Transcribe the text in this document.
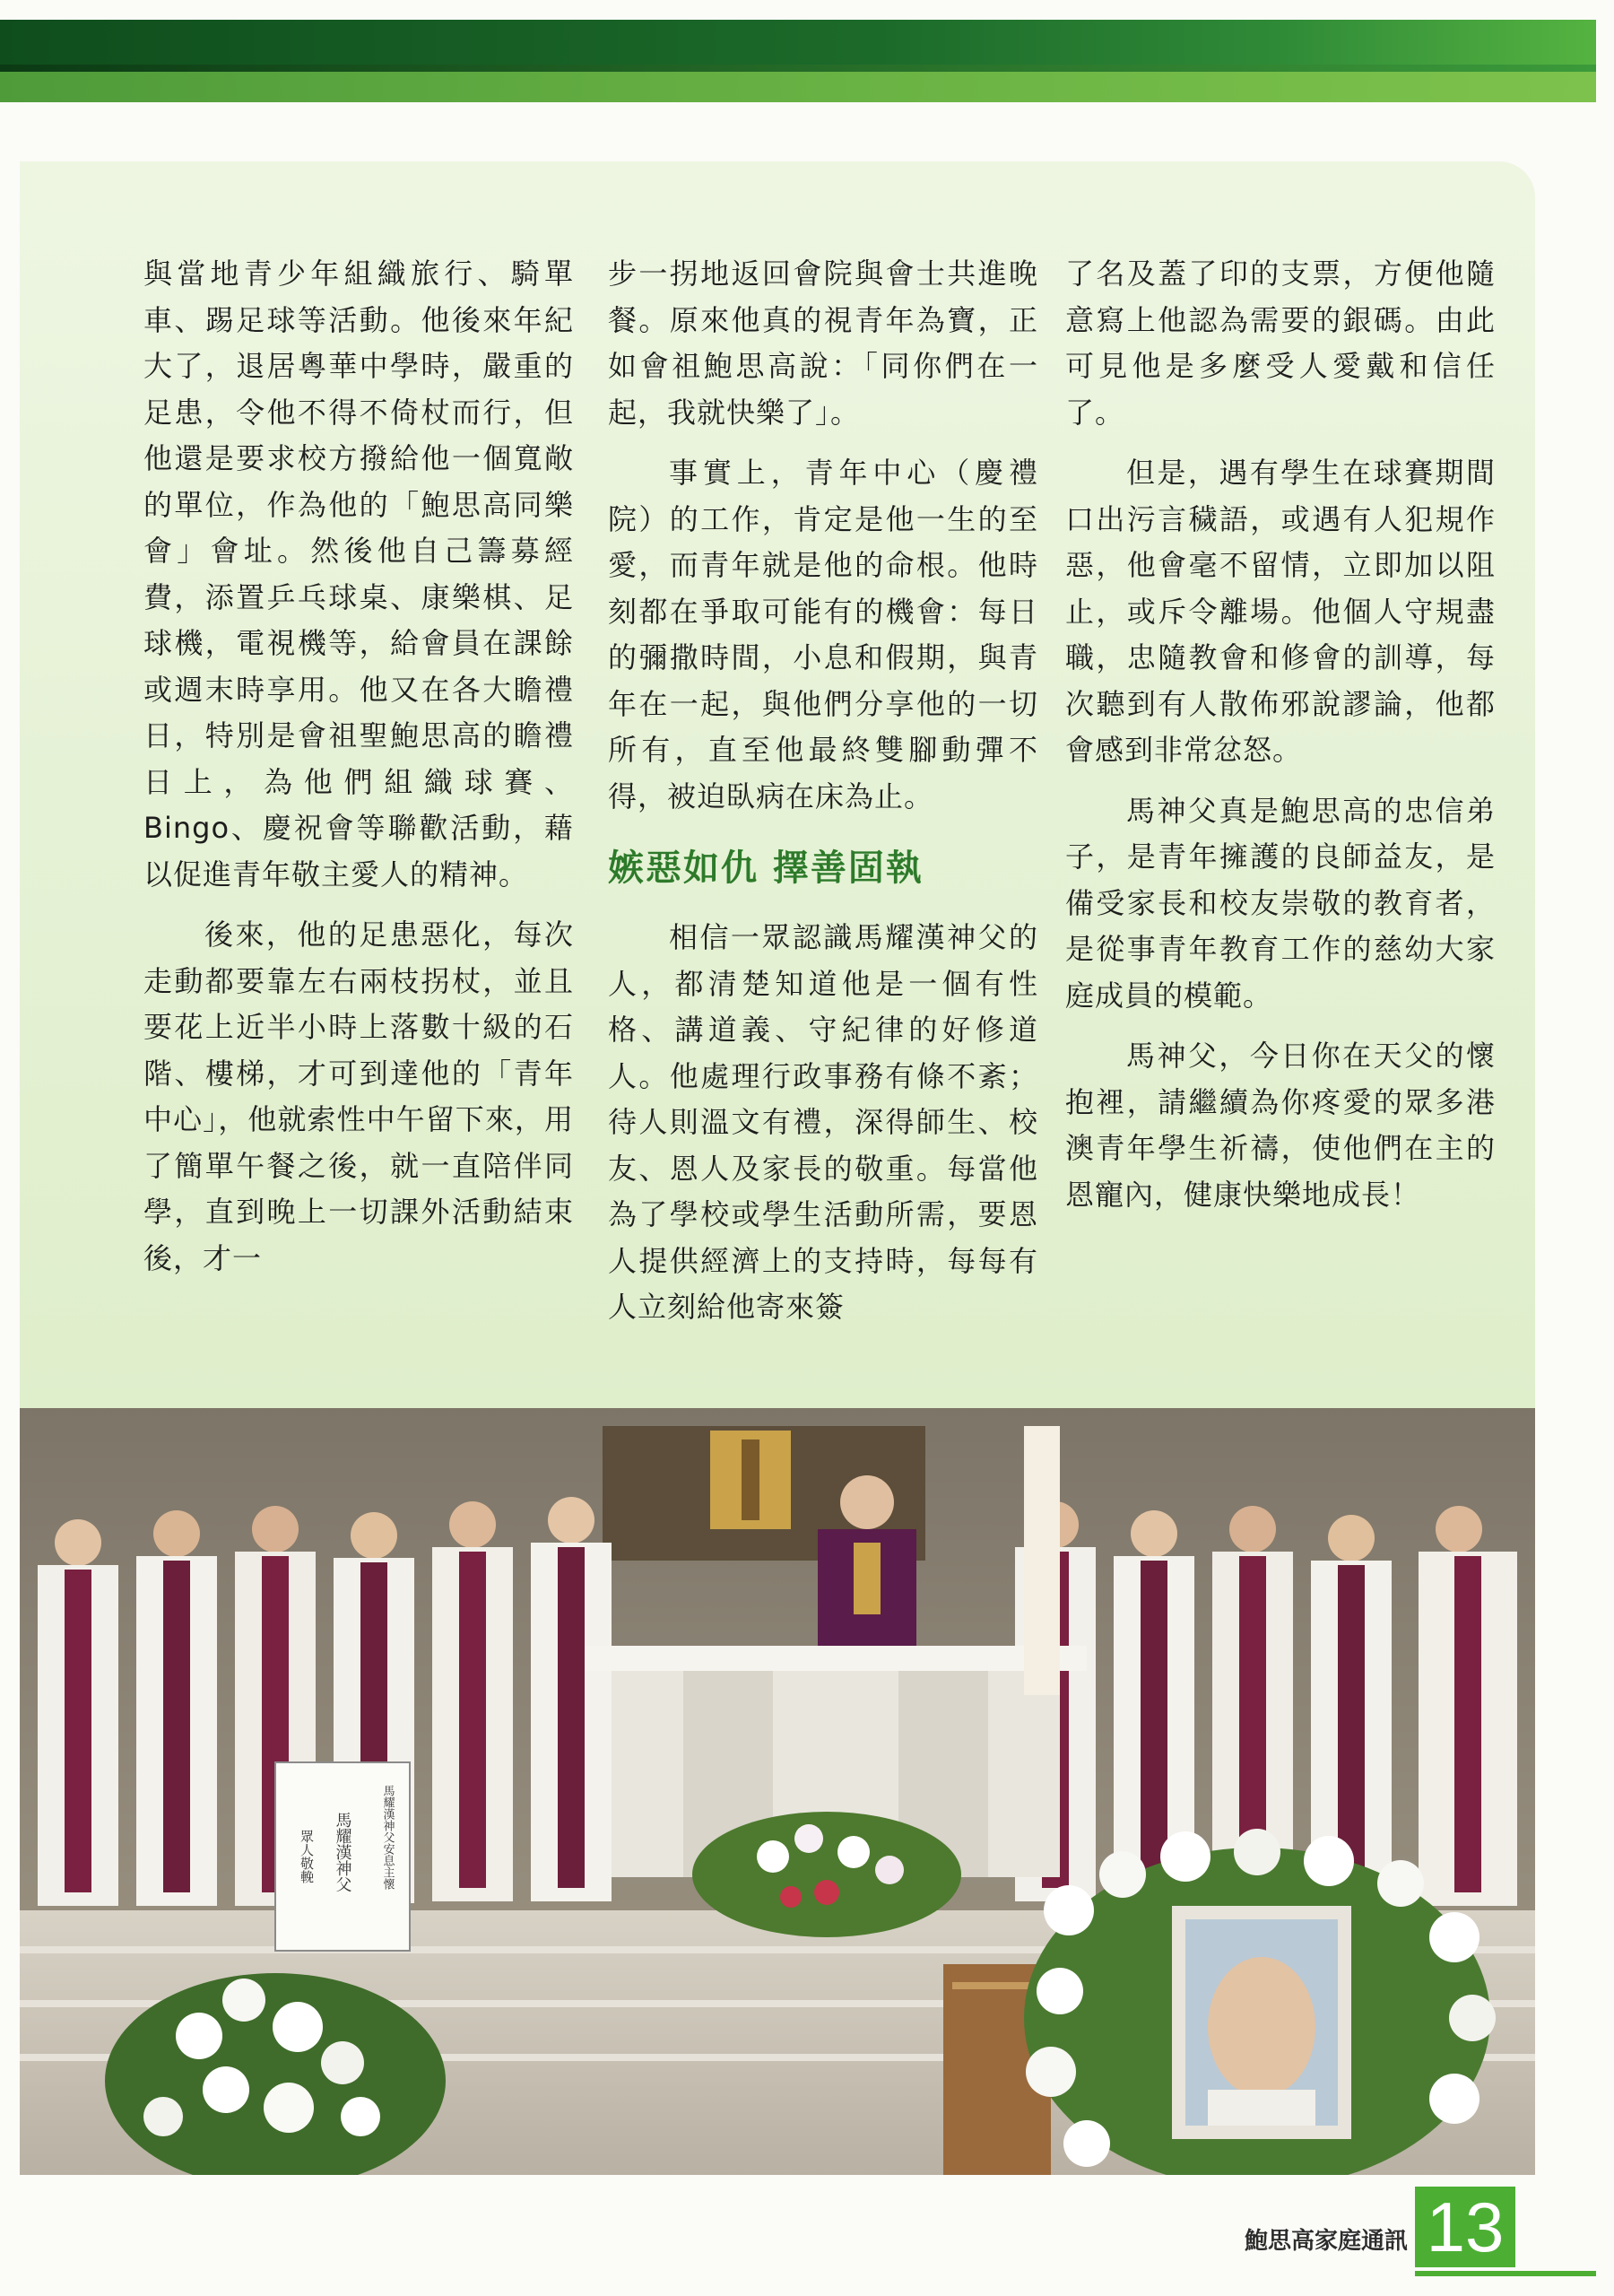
與當地青少年組織旅行、騎單車、踢足球等活動。他後來年紀大了，退居粵華中學時，嚴重的足患，令他不得不倚杖而行，但他還是要求校方撥給他一個寬敞的單位，作為他的「鮑思高同樂會」會址。然後他自己籌募經費，添置乒乓球桌、康樂棋、足球機，電視機等，給會員在課餘或週末時享用。他又在各大瞻禮日，特別是會祖聖鮑思高的瞻禮日上，為他們組織球賽、Bingo、慶祝會等聯歡活動，藉以促進青年敬主愛人的精神。

後來，他的足患惡化，每次走動都要靠左右兩枝拐杖，並且要花上近半小時上落數十級的石階、樓梯，才可到達他的「青年中心」，他就索性中午留下來，用了簡單午餐之後，就一直陪伴同學，直到晚上一切課外活動結束後，才一

步一拐地返回會院與會士共進晚餐。原來他真的視青年為寶，正如會祖鮑思高說：「同你們在一起，我就快樂了」。

事實上，青年中心（慶禮院）的工作，肯定是他一生的至愛，而青年就是他的命根。他時刻都在爭取可能有的機會：每日的彌撒時間，小息和假期，與青年在一起，與他們分享他的一切所有，直至他最終雙腳動彈不得，被迫臥病在床為止。

嫉惡如仇 擇善固執

相信一眾認識馬耀漢神父的人，都清楚知道他是一個有性格、講道義、守紀律的好修道人。他處理行政事務有條不紊；待人則溫文有禮，深得師生、校友、恩人及家長的敬重。每當他為了學校或學生活動所需，要恩人提供經濟上的支持時，每每有人立刻給他寄來簽

了名及蓋了印的支票，方便他隨意寫上他認為需要的銀碼。由此可見他是多麼受人愛戴和信任了。

但是，遇有學生在球賽期間口出污言穢語，或遇有人犯規作惡，他會毫不留情，立即加以阻止，或斥令離場。他個人守規盡職，忠隨教會和修會的訓導，每次聽到有人散佈邪說謬論，他都會感到非常忿怒。

馬神父真是鮑思高的忠信弟子，是青年擁護的良師益友，是備受家長和校友崇敬的教育者，是從事青年教育工作的慈幼大家庭成員的模範。

馬神父，今日你在天父的懷抱裡，請繼續為你疼愛的眾多港澳青年學生祈禱，使他們在主的恩寵內，健康快樂地成長！

馬耀漢神父安息主懷
馬耀漢神父
眾人敬輓
鮑思高家庭通訊 13
